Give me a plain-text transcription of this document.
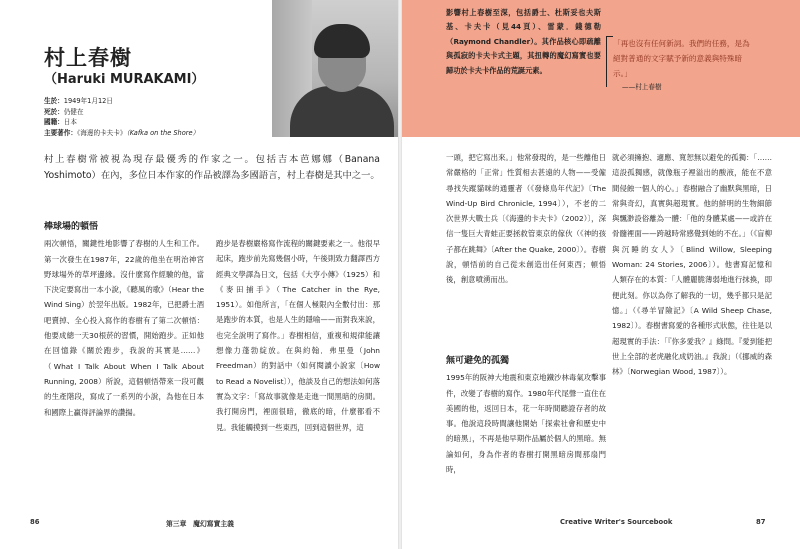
村上春樹
（Haruki MURAKAMI）
生於：1949年1月12日
死於：仍健在
國籍：日本
主要著作：《海邊的卡夫卡》（Kafka on the Shore）
村上春樹常被視為現存最優秀的作家之一。包括吉本芭娜娜（Banana Yoshimoto）在內，多位日本作家的作品被譯為多國語言，村上春樹是其中之一。
棒球場的頓悟
兩次頓悟，關鍵性地影響了春樹的人生和工作。第一次發生在1987年，22歲的他坐在明治神宮野球場外的草坪邊緣。沒什麼寫作經驗的他，當下決定要寫出一本小說，《聽風的歌》（Hear the Wind Sing）於翌年出版。1982年，已把爵士酒吧賣掉、全心投入寫作的春樹有了第二次頓悟：他要成總一天30根菸的習慣，開始跑步。正如他在回憶錄《關於跑步，我說的其實是……》（What I Talk About When I Talk About Running, 2008）所說，這個頓悟帶來一段可觀的生產階段，寫成了一系列的小說，為他在日本和國際上贏得評論界的讚揚。
跑步是春樹嚴格寫作流程的關鍵要素之一。他很早起床，跑步前先寫幾個小時，午後則致力翻譯西方經典文學譯為日文，包括《大亨小傳》（1925）和《麥田捕手》（The Catcher in the Rye, 1951）。如他所言，「在個人極限內全數付出：那是跑步的本質，也是人生的隱喻——而對我來說，也完全說明了寫作。」春樹相信，重複和規律能讓想像力蓬勃綻放。在與約翰．弗里曼（John Freedman）的對話中（如何閱讀小說家〔How to Read a Novelist〕），他談及自己的想法如何落實為文字：「寫故事就像是走進一間黑暗的房間。我打開房門，裡面很暗，徹底的暗，什麼都看不見。我能觸摸到一些東西，回到這個世界，這
影響村上春樹至深，包括爵士、杜斯妥也夫斯基、卡夫卡（見44頁）、雷蒙．錢德勒（Raymond Chandler）。其作品核心即疏離與孤寂的卡夫卡式主題，其扭轉的魔幻寫實也要歸功於卡夫卡作品的荒誕元素。
「再也沒有任何新詞。我們的任務，是為絕對普通的文字賦予新的意義與特殊暗示。」
——村上春樹
一頭，把它寫出來。」他常發現的，是一些離他日常嚴格的「正常」性質相去甚遠的人物——受僱尋找失蹤貓咪的通靈者（《發條鳥年代記》〔The Wind-Up Bird Chronicle, 1994〕），不老的二次世界大戰士兵〔《海邊的卡夫卡》（2002）〕，深信一隻巨大青蛙正要拯救管東京的傢伙（《神的孩子都在跳舞》〔After the Quake, 2000〕）。春樹說，頓悟前的自己從未創造出任何東西；頓悟後，創意噴湧而出。
無可避免的孤獨
1995年的阪神大地震和東京地鐵沙林毒氣攻擊事件，改變了春樹的寫作。1980年代尾聲一直住在美國的他，返回日本，花一年時間聽證存者的故事。他說這段時間讓他開始「探索社會和歷史中的暗黑」，不再是他早期作品屬於個人的黑暗。無論如何，身為作者的春樹打開黑暗房間那扇門時，
就必須擁抱、適應、寬恕無以避免的孤獨：「……這設孤獨感，就像瓶子裡溢出的酸液，能在不意間侵蝕一個人的心。」春樹融合了幽默與黑暗，日常與奇幻，真實與超現實。他的鮮明的生物細節與飄渺設俗離為一體：「他的身體某處——或許在骨髓裡面——跨越時常感覺到她的不在。」（《盲柳與沉睡的女人》〔Blind Willow, Sleeping Woman: 24 Stories, 2006〕）。他書寫記憶和人類存在的本質：「人體麗脆薄弱地進行抹換，即便此刻。你以為你了解我的一切，幾乎都只是記憶。」（《尋羊冒險記》〔A Wild Sheep Chase, 1982〕）。春樹書寫愛的各種形式狀態，往往是以超現實的手法：「『你多愛我？』綠問。『愛到能把世上全部的老虎融化成奶油。』我說」（《挪威的森林》〔Norwegian Wood, 1987〕）。
86	第三章　魔幻寫實主義	Creative Writer's Sourcebook	87
